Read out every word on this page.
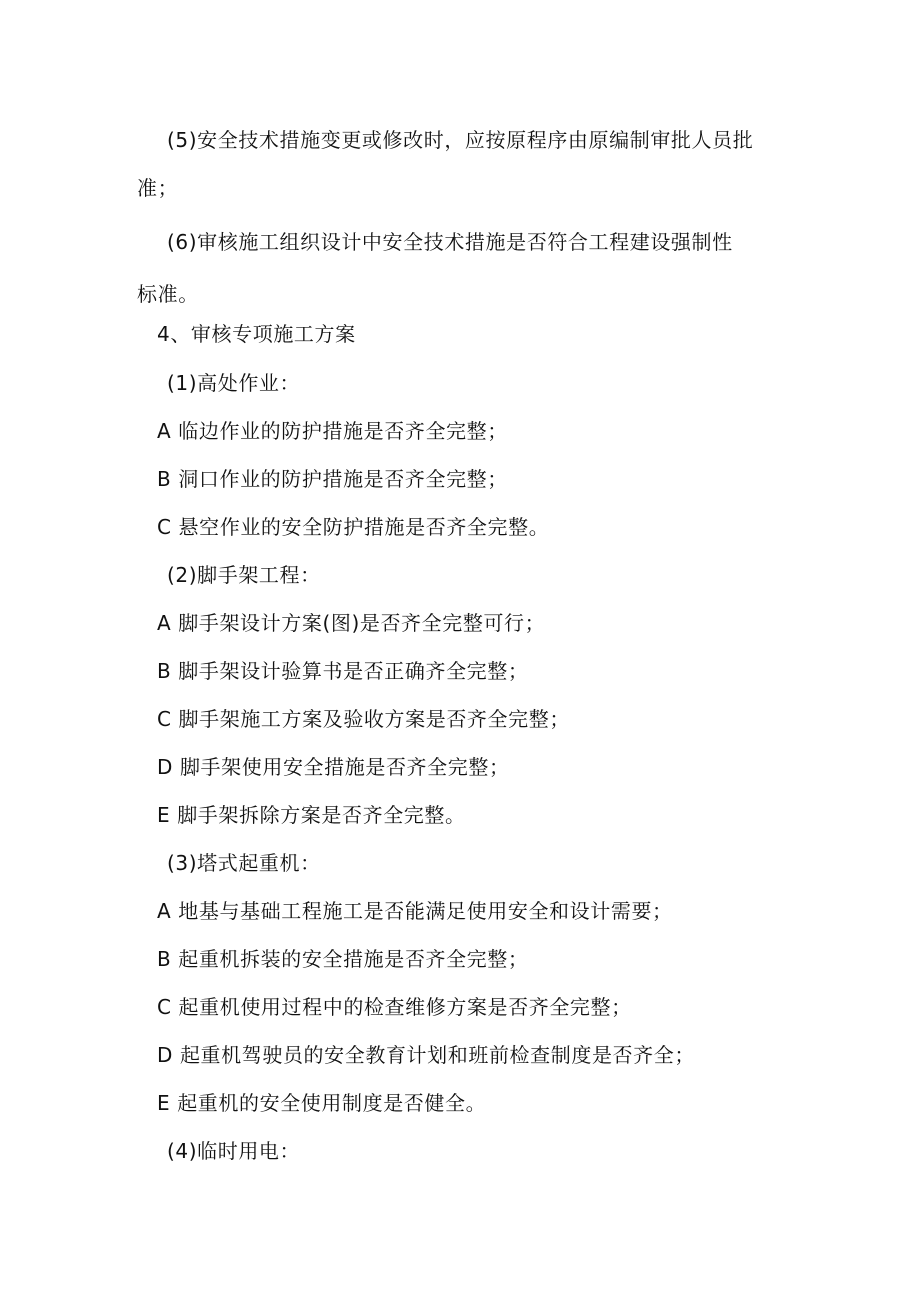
(5)安全技术措施变更或修改时，应按原程序由原编制审批人员批
准；
(6)审核施工组织设计中安全技术措施是否符合工程建设强制性
标准。
4、审核专项施工方案
(1)高处作业：
A 临边作业的防护措施是否齐全完整；
B 洞口作业的防护措施是否齐全完整；
C 悬空作业的安全防护措施是否齐全完整。
(2)脚手架工程：
A 脚手架设计方案(图)是否齐全完整可行；
B 脚手架设计验算书是否正确齐全完整；
C 脚手架施工方案及验收方案是否齐全完整；
D 脚手架使用安全措施是否齐全完整；
E 脚手架拆除方案是否齐全完整。
(3)塔式起重机：
A 地基与基础工程施工是否能满足使用安全和设计需要；
B 起重机拆装的安全措施是否齐全完整；
C 起重机使用过程中的检查维修方案是否齐全完整；
D 起重机驾驶员的安全教育计划和班前检查制度是否齐全；
E 起重机的安全使用制度是否健全。
(4)临时用电：
